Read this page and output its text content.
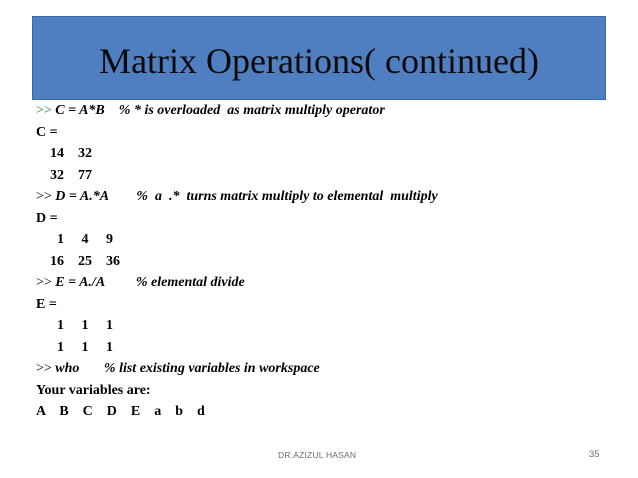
Matrix Operations( continued)
>> C = A*B    % * is overloaded  as matrix multiply operator
C =
14    32
32    77
>> D = A.*A        %  a  .*  turns matrix multiply to elemental  multiply
D =
1     4     9
16    25    36
>> E = A./A         % elemental divide
E =
1     1     1
1     1     1
>> who       % list existing variables in workspace
Your variables are:
A    B    C    D    E    a    b    d
DR.AZIZUL HASAN	35
